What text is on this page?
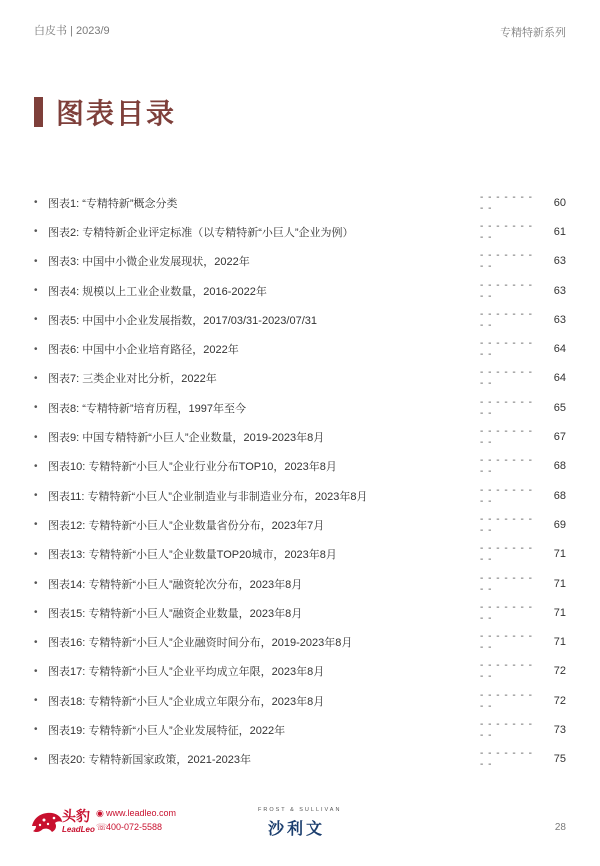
白皮书 | 2023/9	专精特新系列
图表目录
• 图表1: “专精特新”概念分类
- - - - - - - - -	60
• 图表2: 专精特新企业评定标准（以专精特新“小巨人”企业为例）
- - - - - - - - -	61
• 图表3: 中国中小微企业发展现状，2022年
- - - - - - - - -	63
• 图表4: 规模以上工业企业数量，2016-2022年
- - - - - - - - -	63
• 图表5: 中国中小企业发展指数，2017/03/31-2023/07/31
- - - - - - - - -	63
• 图表6: 中国中小企业培育路径，2022年
- - - - - - - - -	64
• 图表7: 三类企业对比分析，2022年
- - - - - - - - -	64
• 图表8: “专精特新”培育历程，1997年至今
- - - - - - - - -	65
• 图表9: 中国专精特新“小巨人”企业数量，2019-2023年8月
- - - - - - - - -	67
• 图表10: 专精特新“小巨人”企业行业分布TOP10，2023年8月
- - - - - - - - -	68
• 图表11: 专精特新“小巨人”企业制造业与非制造业分布，2023年8月
- - - - - - - - -	68
• 图表12: 专精特新“小巨人”企业数量省份分布，2023年7月
- - - - - - - - -	69
• 图表13: 专精特新“小巨人”企业数量TOP20城市，2023年8月
- - - - - - - - -	71
• 图表14: 专精特新“小巨人”融资轮次分布，2023年8月
- - - - - - - - -	71
• 图表15: 专精特新“小巨人”融资企业数量，2023年8月
- - - - - - - - -	71
• 图表16: 专精特新“小巨人”企业融资时间分布，2019-2023年8月
- - - - - - - - -	71
• 图表17: 专精特新“小巨人”企业平均成立年限，2023年8月
- - - - - - - - -	72
• 图表18: 专精特新“小巨人”企业成立年限分布，2023年8月
- - - - - - - - -	72
• 图表19: 专精特新“小巨人”企业发展特征，2022年
- - - - - - - - -	73
• 图表20: 专精特新国家政策，2021-2023年
- - - - - - - - -	75
头豹
LeadLeo
◉ www.leadleo.com
☏400-072-5588
FROST & SULLIVAN
沙利文	28
